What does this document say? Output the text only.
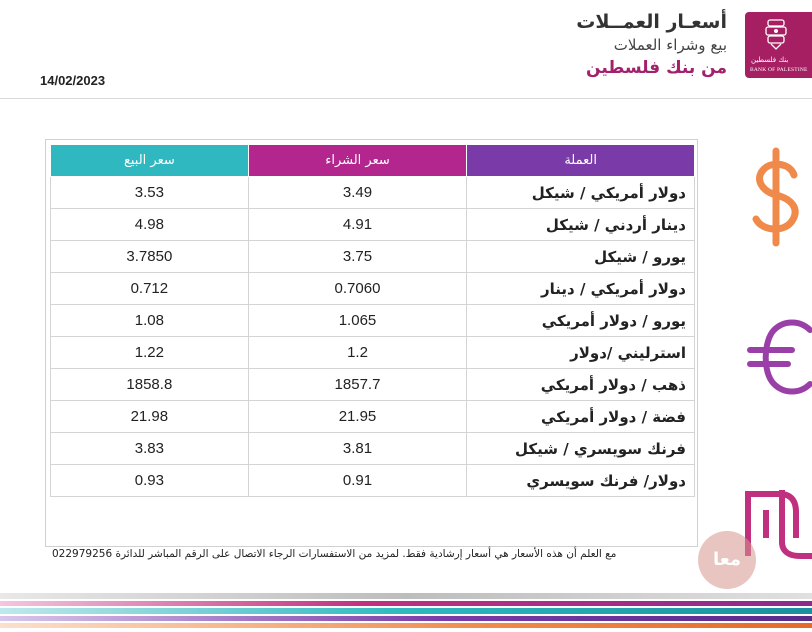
14/02/2023
أسعـار العمــلات
بيع وشراء العملات
من بنك فلسطين	بنك فلسطين
BANK OF PALESTINE
سعر البيع	سعر الشراء	العملة
3.53	3.49	دولار أمريكي / شيكل
4.98	4.91	دينار أردني / شيكل
3.7850	3.75	يورو / شيكل
0.712	0.7060	دولار أمريكي / دينار
1.08	1.065	يورو / دولار أمريكي
1.22	1.2	استرليني /دولار
1858.8	1857.7	ذهب / دولار أمريكي
21.98	21.95	فضة / دولار أمريكي
3.83	3.81	فرنك سويسري / شيكل
0.93	0.91	دولار/ فرنك سويسري
مع العلم أن هذه الأسعار هي أسعار إرشادية فقط. لمزيد من الاستفسارات الرجاء الاتصال على الرقم المباشر للدائرة 022979256	معا
